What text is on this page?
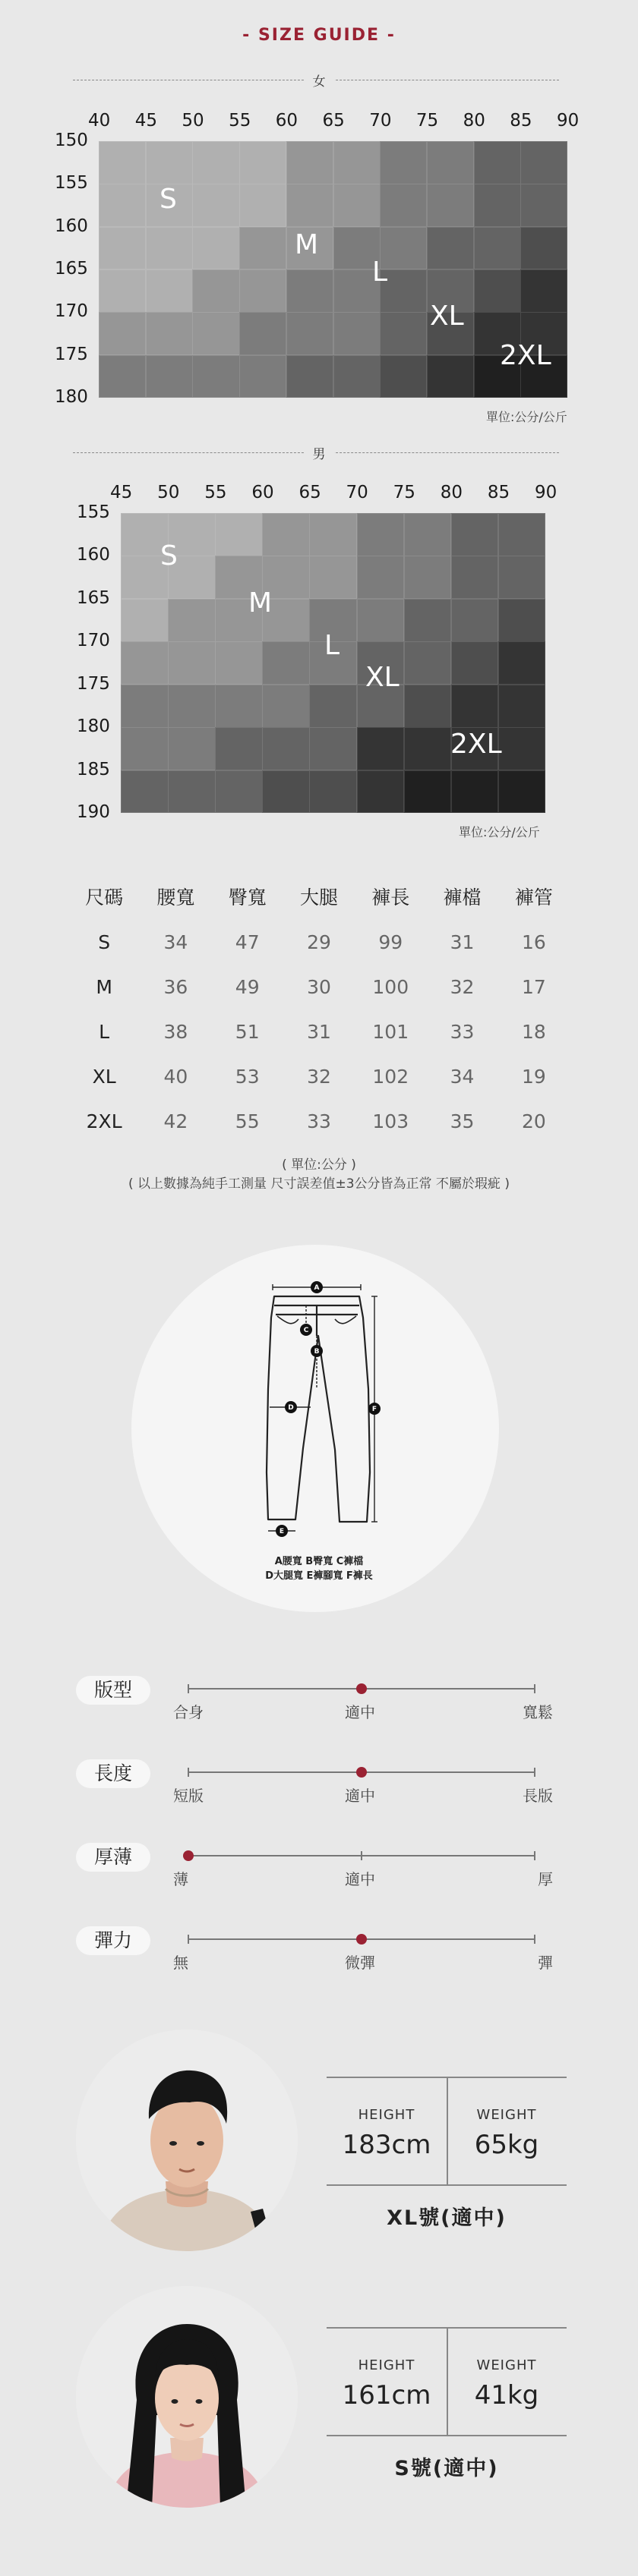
- SIZE GUIDE -
女
40 45 50 55 60 65 70 75 80 85 90
150
155
160
165
170
175
180
S
M
L
XL
2XL
單位:公分/公斤
男
45 50 55 60 65 70 75 80 85 90
155
160
165
170
175
180
185
190
S
M
L
XL
2XL
單位:公分/公斤
尺碼	腰寬	臀寬	大腿	褲長	褲檔	褲管
S	34	47	29	99	31	16
M	36	49	30	100	32	17
L	38	51	31	101	33	18
XL	40	53	32	102	34	19
2XL	42	55	33	103	35	20
( 單位:公分 )
( 以上數據為純手工測量 尺寸誤差值±3公分皆為正常 不屬於瑕疵 )
A
C
B
D
E
F
A腰寬 B臀寬 C褲檔
D大腿寬 E褲腳寬 F褲長
版型
合身	適中	寬鬆
長度
短版	適中	長版
厚薄
薄	適中	厚
彈力
無	微彈	彈
HEIGHT	WEIGHT
183cm	65kg
XL號(適中)
HEIGHT	WEIGHT
161cm	41kg
S號(適中)
